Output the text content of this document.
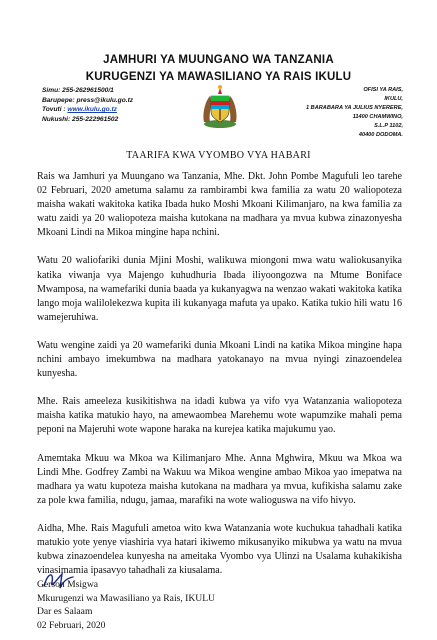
JAMHURI YA MUUNGANO WA TANZANIA
KURUGENZI YA MAWASILIANO YA RAIS IKULU
Simu: 255-262961500/1
Barupepe: press@ikulu.go.tz
Tovuti : www.ikulu.go.tz
Nukushi: 255-222961502
OFISI YA RAIS,
IKULU,
1 BARABARA YA JULIUS NYERERE,
11400 CHAMWINO,
S.L.P 1102,
40400 DODOMA.
TAARIFA KWA VYOMBO VYA HABARI

Rais wa Jamhuri ya Muungano wa Tanzania, Mhe. Dkt. John Pombe Magufuli leo tarehe 02 Februari, 2020 ametuma salamu za rambirambi kwa familia za watu 20 waliopoteza maisha wakati wakitoka katika Ibada huko Moshi Mkoani Kilimanjaro, na kwa familia za watu zaidi ya 20 waliopoteza maisha kutokana na madhara ya mvua kubwa zinazonyesha Mkoani Lindi na Mikoa mingine hapa nchini.

Watu 20 waliofariki dunia Mjini Moshi, walikuwa miongoni mwa watu waliokusanyika katika viwanja vya Majengo kuhudhuria Ibada iliyoongozwa na Mtume Boniface Mwamposa, na wamefariki dunia baada ya kukanyagwa na wenzao wakati wakitoka katika lango moja walilolekezwa kupita ili kukanyaga mafuta ya upako. Katika tukio hili watu 16 wamejeruhiwa.

Watu wengine zaidi ya 20 wamefariki dunia Mkoani Lindi na katika Mikoa mingine hapa nchini ambayo imekumbwa na madhara yatokanayo na mvua nyingi zinazoendelea kunyesha.

Mhe. Rais ameeleza kusikitishwa na idadi kubwa ya vifo vya Watanzania waliopoteza maisha katika matukio hayo, na amewaombea Marehemu wote wapumzike mahali pema peponi na Majeruhi wote wapone haraka na kurejea katika majukumu yao.

Amemtaka Mkuu wa Mkoa wa Kilimanjaro Mhe. Anna Mghwira, Mkuu wa Mkoa wa Lindi Mhe. Godfrey Zambi na Wakuu wa Mikoa wengine ambao Mikoa yao imepatwa na madhara ya watu kupoteza maisha kutokana na madhara ya mvua, kufikisha salamu zake za pole kwa familia, ndugu, jamaa, marafiki na wote walioguswa na vifo hivyo.

Aidha, Mhe. Rais Magufuli ametoa wito kwa Watanzania wote kuchukua tahadhali katika matukio yote yenye viashiria vya hatari ikiwemo mikusanyiko mikubwa ya watu na mvua kubwa zinazoendelea kunyesha na ameitaka Vyombo vya Ulinzi na Usalama kuhakikisha vinasimamia ipasavyo tahadhali za kiusalama.

Gerson Msigwa
Mkurugenzi wa Mawasiliano ya Rais, IKULU
Dar es Salaam
02 Februari, 2020
